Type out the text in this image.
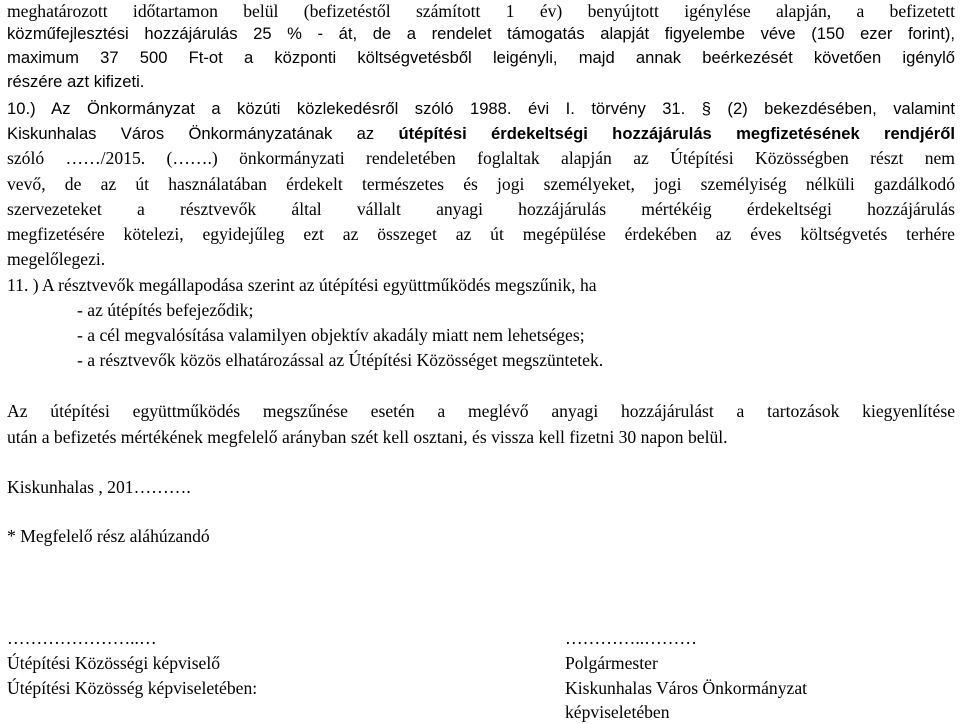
meghatározott időtartamon belül (befizetéstől számított 1 év) benyújtott igénylése alapján, a befizetett
közműfejlesztési hozzájárulás 25 % - át, de a rendelet támogatás alapját figyelembe véve (150 ezer forint),
maximum 37 500 Ft-ot a központi költségvetésből leigényli, majd annak beérkezését követően igénylő
részére azt kifizeti.
10.) Az Önkormányzat a közúti közlekedésről szóló 1988. évi I. törvény 31. § (2) bekezdésében, valamint
Kiskunhalas Város Önkormányzatának az útépítési érdekeltségi hozzájárulás megfizetésének rendjéről
szóló ……/2015. (…….) önkormányzati rendeletében foglaltak alapján az Útépítési Közösségben részt nem
vevő, de az út használatában érdekelt természetes és jogi személyeket, jogi személyiség nélküli gazdálkodó
szervezeteket a résztvevők által vállalt anyagi hozzájárulás mértékéig érdekeltségi hozzájárulás
megfizetésére kötelezi, egyidejűleg ezt az összeget az út megépülése érdekében az éves költségvetés terhére
megelőlegezi.
11. ) A résztvevők megállapodása szerint az útépítési együttműködés megszűnik, ha
- az útépítés befejeződik;
- a cél megvalósítása valamilyen objektív akadály miatt nem lehetséges;
- a résztvevők közös elhatározással az Útépítési Közösséget megszüntetek.
Az útépítési együttműködés megszűnése esetén a meglévő anyagi hozzájárulást a tartozások kiegyenlítése
után a befizetés mértékének megfelelő arányban szét kell osztani, és vissza kell fizetni 30 napon belül.
Kiskunhalas , 201……….
* Megfelelő rész aláhúzandó
…………………..…
Útépítési Közösségi képviselő
Útépítési Közösség képviseletében:
…………..………
Polgármester
Kiskunhalas Város Önkormányzat
képviseletében
